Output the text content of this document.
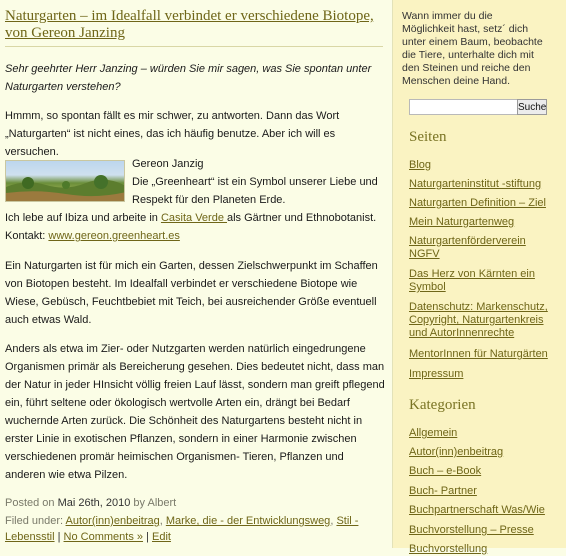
Naturgarten – im Idealfall verbindet er verschiedene Biotope, von Gereon Janzing

Sehr geehrter Herr Janzing – würden Sie mir sagen, was Sie spontan unter Naturgarten verstehen?

Hmmm, so spontan fällt es mir schwer, zu antworten. Dann das Wort „Naturgarten“ ist nicht eines, das ich häufig benutze. Aber ich will es versuchen.

Gereon Janzig
Die „Greenheart“ ist ein Symbol unserer Liebe und Respekt für den Planeten Erde.
Ich lebe auf Ibiza und arbeite in Casita Verde als Gärtner und Ethnobotanist.
Kontakt: www.gereon.greenheart.es

Ein Naturgarten ist für mich ein Garten, dessen Zielschwerpunkt im Schaffen von Biotopen besteht. Im Idealfall verbindet er verschiedene Biotope wie Wiese, Gebüsch, Feuchtbebiet mit Teich, bei ausreichender Größe eventuell auch etwas Wald.

Anders als etwa im Zier- oder Nutzgarten werden natürlich eingedrungene Organismen primär als Bereicherung gesehen. Dies bedeutet nicht, dass man der Natur in jeder HInsicht völlig freien Lauf lässt, sondern man greift pflegend ein, führt seltene oder ökologisch wertvolle Arten ein, drängt bei Bedarf wuchernde Arten zurück. Die Schönheit des Naturgartens besteht nicht in erster Linie in exotischen Pflanzen, sondern in einer Harmonie zwischen verschiedenen promär heimischen Organismen- Tieren, Pflanzen und anderen wie etwa Pilzen.

Posted on Mai 26th, 2010 by Albert
Filed under: Autor(inn)enbeitrag, Marke, die - der Entwicklungsweg, Stil - Lebensstil | No Comments » | Edit
Wann immer du die Möglichkeit hast, setz´ dich unter einem Baum, beobachte die Tiere, unterhalte dich mit den Steinen und reiche den Menschen deine Hand.
Suche
Seiten
Blog
Naturgarteninstitut -stiftung
Naturgarten Definition – Ziel
Mein Naturgartenweg
Naturgartenförderverein NGFV
Das Herz von Kärnten ein Symbol
Datenschutz: Markenschutz, Copyright, Naturgartenkreis und AutorInnenrechte
MentorInnen für Naturgärten
Impressum
Kategorien
Allgemein
Autor(inn)enbeitrag
Buch – e-Book
Buch- Partner
Buchpartnerschaft Was/Wie
Buchvorstellung – Presse
Buchvorstellung
